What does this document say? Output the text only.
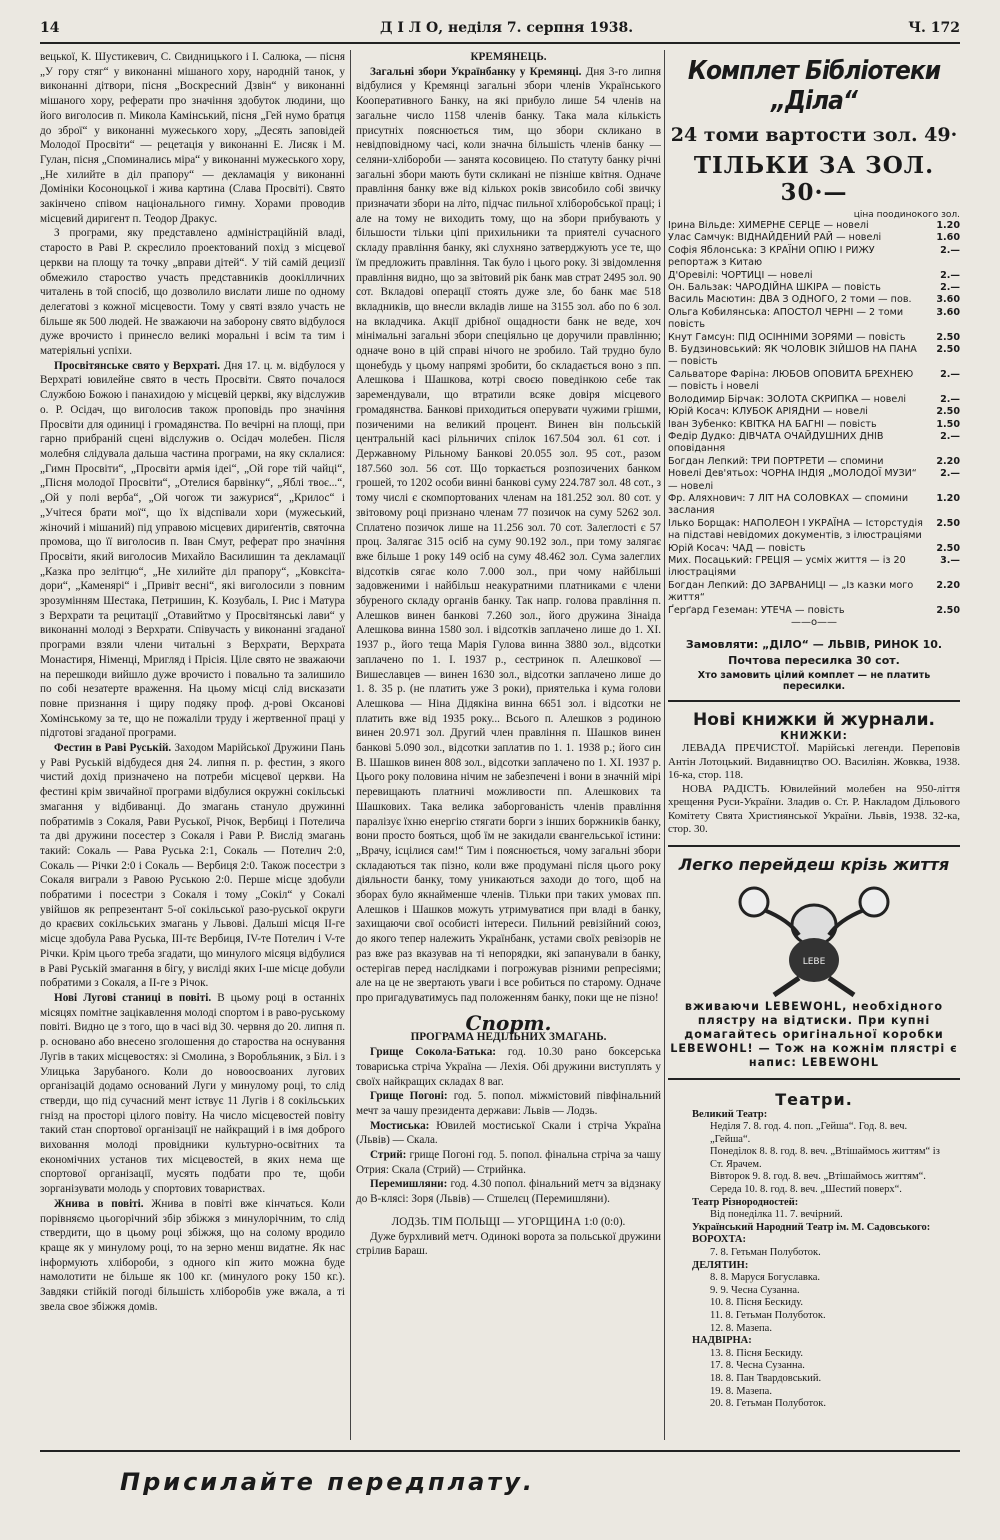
14	Д І Л О, неділя 7. серпня 1938.	Ч. 172

вецької, К. Шустикевич, С. Свидницького і І. Салюка, — пісня „У гору стяг“ у виконанні мішаного хору, народній танок, у виконанні дітвори, пісня „Воскресний Дзвін“ у виконанні мішаного хору, реферати про значіння здобуток людини, що його виголосив п. Микола Камінський, пісня „Гей нумо братця до зброї“ у виконанні мужеського хору, „Десять заповідей Молодої Просвіти“ — рецетація у виконанні Е. Лисяк і М. Гулан, пісня „Споминались міра“ у виконанні мужеського хору, „Не хилийте в діл прапору“ — декламація у виконанні Домініки Косоноцької і жива картина (Слава Просвіті). Свято закінчено співом національного гимну. Хорами проводив місцевий диригент п. Теодор Дракус.

З програми, яку представлено адміністраційній владі, старосто в Раві Р. скреслило проектований похід з місцевої церкви на площу та точку „вправи дітей“. У тій самій децизії обмежило староство участь представників доокілличних читалень в той спосіб, що дозволило вислати лише по одному делегатові з кожної місцевости. Тому у святі взяло участь не більше як 500 людей. Не зважаючи на заборону свято відбулося дуже врочисто і принесло великі моральні і всім та тим і матеріяльні успіхи.

Просвітянське свято у Верхраті. Дня 17. ц. м. відбулося у Верхраті ювилейне свято в честь Просвіти. Свято почалося Службою Божою і панахидою у місцевій церкві, яку відслужив о. Р. Осідач, що виголосив також проповідь про значіння Просвіти для одиниці і громадянства. По вечірні на площі, при гарно прибраній сцені відслужив о. Осідач молебен. Після молебня слідувала дальша частина програми, на яку склалися: „Гимн Просвіти“, „Просвіти армія ідеі“, „Ой горе тій чайці“, „Пісня молодої Просвіти“, „Отелися барвінку“, „Яблі твоє...“, „Ой у полі верба“, „Ой чогож ти зажурися“, „Крилос“ і „Учітеся брати мої“, що їх відспівали хори (мужеський, жіночий і мішаний) під управою місцевих дириґентів, святочна промова, що її виголосив п. Іван Смут, реферат про значіння Просвіти, який виголосив Михайло Василишин та декламації „Казка про зелітцю“, „Не хилийте діл прапору“, „Ковксіта-дори“, „Каменярі“ і „Привіт весні“, які виголосили з повним зрозумінням Шестака, Петришин, К. Козубаль, І. Рис і Матура з Верхрати та рецитації „Отавийтмо у Просвітянські лави“ у виконанні молоді з Верхрати. Співучасть у виконанні згаданої програми взяли члени читальні з Верхрати, Верхрата Монастиря, Німенці, Мригляд і Прісія. Ціле свято не зважаючи на перешкоди вийшло дуже врочисто і повально та залишило по собі незатерте враження. На цьому місці слід висказати повне признання і щиру подяку проф. д-рові Оксанові Хомінському за те, що не пожаліли труду і жертвенної праці у підготові згаданої програми.

Фестин в Раві Руській. Заходом Марійської Дружини Пань у Раві Руській відбудеся дня 24. липня п. р. фестин, з якого чистий дохід призначено на потреби місцевої церкви. На фестині крім звичайної програми відбулися окружні сокільські змагання у відбиванці. До змагань стануло дружинні побратимів з Сокаля, Рави Руської, Річок, Вербиці і Потелича та дві дружини посестер з Сокаля і Рави Р. Вислід змагань такий: Сокаль — Рава Руська 2:1, Сокаль — Потелич 2:0, Сокаль — Річки 2:0 і Сокаль — Вербиця 2:0. Також посестри з Сокаля виграли з Равою Руською 2:0. Перше місце здобули побратими і посестри з Сокаля і тому „Сокіл“ у Сокалі увійшов як репрезентант 5-ої сокільської разо-руської округи до краєвих сокільських змагань у Львові. Дальші місця ІІ-ге місце здобула Рава Руська, ІІІ-тє Вербиця, IV-те Потелич і V-те Річки. Крім цього треба згадати, що минулого місяця відбулися в Раві Руській змагання в бігу, у висліді яких І-ше місце добули побратими з Сокаля, а ІІ-ге з Річок.

Нові Лугові станиці в повіті. В цьому році в останніх місяцях помітне зацікавлення молоді спортом і в раво-руському повіті. Видно це з того, що в часі від 30. червня до 20. липня п. р. основано або внесено зголошення до староства на оснування Лугів в таких місцевостях: зі Смолина, з Воробльяник, з Біл. і з Улицька Зарубаного. Коли до новоосвоаних лугових організацій додамо оснований Луги у минулому році, то слід стверди, що під сучасний мент іствує 11 Лугів і 8 сокільських гнізд на просторі цілого повіту. На число місцевостей повіту такий стан спортової організації не найкращий і в імя доброго виховання молоді провідники культурно-освітних та економічних установ тих місцевостей, в яких нема ще спортової організації, мусять подбати про те, щоби зорганізувати молодь у спортових товариствах.

Жнива в повіті. Жнива в повіті вже кінчаться. Коли порівняємо цьогорічний збір збіжжя з минулорічним, то слід ствердити, що в цьому році збіжжя, що на солому вродило краще як у минулому році, то на зерно менш видатне. Як нас інформують хлібороби, з одного кіп жито можна буде намолотити не більше як 100 кг. (минулого року 150 кг.). Завдяки стійкій погоді більшість хліборобів уже вжала, а ті звела свое збіжжя домів.

КРЕМЯНЕЦЬ.

Загальні збори Українбанку у Кремянці. Дня 3-го липня відбулися у Кремянці загальні збори членів Українського Кооперативного Банку, на які прибуло лише 54 членів на загальне число 1158 членів банку. Така мала кількість присутніх пояснюється тим, що збори скликано в невідповідному часі, коли значна більшість членів банку — селяни-хлібороби — занята косовицею. По статуту банку річні загальні збори мають бути скликані не пізніше квітня. Одначе правління банку вже від кількох років звисобило собі звичку призначати збори на літо, підчас пильної хліборобської праці; і але на тому не виходить тому, що на збори прибувають у більшости тільки ціпі прихильники та приятелі сучасного складу правління банку, які слухняно затверджують усе те, що їм предложить правління. Так було і цього року. Зі звідомлення правління видно, що за звітовий рік банк мав страт 2495 зол. 90 сот. Вкладові операції стоять дуже зле, бо банк має 518 вкладників, що внесли вкладів лише на 3155 зол. або по 6 зол. на вкладчика. Акції дрібної ощадности банк не веде, хоч мінімальні загальні збори спеціяльно це доручили правлінню; одначе воно в цій справі нічого не зробило. Тай трудно було щонебудь у цьому напрямі зробити, бо складається воно з пп. Алешкова і Шашкова, котрі своєю поведінкою себе так заремендували, що втратили всяке довіря місцевого громадянства. Банкові приходиться оперувати чужими грішми, позиченими на великий процент. Винен він польській центральній касі рільничих спілок 167.504 зол. 61 сот. і Державному Рільному Банкові 20.055 зол. 95 сот., разом 187.560 зол. 56 сот. Що торкається розпозичених банком грошей, то 1202 особи винні банкові суму 224.787 зол. 48 сот., з тому числі є скомпортованих членам на 181.252 зол. 80 сот. у звітовому році признано членам 77 позичок на суму 5262 зол. Сплатено позичок лише на 11.256 зол. 70 сот. Залеглості є 57 проц. Залягає 315 осіб на суму 90.192 зол., при тому залягає вже більше 1 року 149 осіб на суму 48.462 зол. Сума залеглих відсотків сягає коло 7.000 зол., при чому найбільші задовженими і найбільш неакуратними платниками є члени збуреного складу органів банку. Так напр. голова правління п. Алешков винен банкові 7.260 зол., його дружина Зінаіда Алешкова винна 1580 зол. і відсотків заплачено лише до 1. ХІ. 1937 р., його теща Марія Гулова винна 3880 зол., відсотки заплачено по 1. І. 1937 р., сестринок п. Алешкової — Вишеславцев — винен 1630 зол., відсотки заплачено лише до 1. 8. 35 р. (не платить уже 3 роки), приятелька і кума голови Алешкова — Ніна Дідякіна винна 6651 зол. і відсотки не платить вже від 1935 року... Всього п. Алешков з родиною винен 20.971 зол. Другий член правління п. Шашков винен банкові 5.090 зол., відсотки заплатив по 1. 1. 1938 р.; його син В. Шашков винен 808 зол., відсотки заплачено по 1. ХІ. 1937 р. Цього року половина нічим не забезпечені і вони в значній мірі перевищають платничі можливости пп. Алешкових та Шашкових. Така велика заборгованість членів правління паралізує їхню енергію стягати борги з інших боржників банку, вони просто бояться, щоб їм не закидали євангельської істини: „Врачу, ісцілися сам!“ Тим і пояснюється, чому загальні збори складаються так пізно, коли вже продумані після цього року діяльности банку, тому уникаються заходи до того, щоб на зборах було якнайменше членів. Тільки при таких умовах пп. Алешков і Шашков можуть утримуватися при владі в банку, захищаючи свої особисті інтереси. Пильний ревізійний союз, до якого тепер належить Українбанк, устами своїх ревізорів не раз вже раз вказував на ті непорядки, які запанували в банку, остерігав перед наслідками і погрожував різними репресіями; але на це не звертають уваги і все робиться по старому. Одначе про пригадуватимусь пад положенням банку, поки ще не пізно!

Спорт.

ПРОГРАМА НЕДІЛЬНИХ ЗМАГАНЬ.

Грище Сокола-Батька: год. 10.30 рано боксерська товариська стріча Україна — Лехія. Обі дружини виступлять у своїх найкращих складах 8 ваг.

Грище Погоні: год. 5. попол. міжмістовий півфінальний мечт за чашу президента держави: Львів — Лодзь.

Мостиська: Ювилей мостиської Скали і стріча Україна (Львів) — Скала.

Стрий: грище Погоні год. 5. попол. фінальна стріча за чашу Отрия: Скала (Стрий) — Стрийнка.

Перемишляни: год. 4.30 попол. фінальний метч за відзнаку до В-клясі: Зоря (Львів) — Стшелєц (Перемишляни).

ЛОДЗЬ. ТІМ ПОЛЬЩІ — УГОРЩИНА 1:0 (0:0).

Дуже бурхливий метч. Одинокі ворота за польської дружини стрілив Бараш.

Комплет Бібліотеки „Діла“
24 томи вартости зол. 49·
ТІЛЬКИ ЗА ЗОЛ. 30·—
ціна поодинокого зол.
Ірина Вільде: ХИМЕРНЕ СЕРЦЕ — новелі	1.20
Улас Самчук: ВІДНАЙДЕНИЙ РАЙ — новелі	1.60
Софія Яблонська: З КРАЇНИ ОПІЮ І РИЖУ репортаж з Китаю
2.—
Д'Оревілі: ЧОРТИЦІ — новелі	2.—
Он. Бальзак: ЧАРОДІЙНА ШКІРА — повість	2.—
Василь Масютин: ДВА З ОДНОГО, 2 томи — пов.	3.60
Ольга Кобилянська: АПОСТОЛ ЧЕРНІ — 2 томи повість
3.60
Кнут Гамсун: ПІД ОСІННІМИ ЗОРЯМИ — повість	2.50
В. Будзиновський: ЯК ЧОЛОВІК ЗІЙШОВ НА ПАНА — повість
2.50
Сальваторе Фаріна: ЛЮБОВ ОПОВИТА БРЕХНЕЮ — повість і новелі
2.—
Володимир Бірчак: ЗОЛОТА СКРИПКА — новелі	2.—
Юрій Косач: КЛУБОК АРІЯДНИ — новелі	2.50
Іван Зубенко: КВІТКА НА БАГНІ — повість	1.50
Федір Дудко: ДІВЧАТА ОЧАЙДУШНИХ ДНІВ оповідання
2.—
Богдан Лепкий: ТРИ ПОРТРЕТИ — спомини	2.20
Новелі Дев'ятьох: ЧОРНА ІНДІЯ „МОЛОДОЇ МУЗИ“ — новелі
2.—
Фр. Аляхнович: 7 ЛІТ НА СОЛОВКАХ — спомини заслания
1.20
Ількo Борщак: НАПОЛЕОН І УКРАЇНА — Історстудія на підставі невідомих документів, з ілюстраціями
2.50
Юрій Косач: ЧАД — повість	2.50
Мих. Посацький: ГРЕЦІЯ — усміх життя — із 20 ілюстраціями
3.—
Богдан Лепкий: ДО ЗАРВАНИЦІ — „Із казки мого життя“
2.20
Ґерґард Геземан: УТЕЧА — повість	2.50
——o——
Замовляти: „ДІЛО“ — ЛЬВІВ, РИНОК 10.
Почтова пересилка 30 сот.
Хто замовить цілий комплет — не платить пересилки.
Нові книжки й журнали.
КНИЖКИ:

ЛЕВАДА ПРЕЧИСТОЇ. Марійські легенди. Переповів Антін Лотоцький. Видавництво ОО. Василіян. Жовква, 1938. 16-ка, стор. 118.

НОВА РАДІСТЬ. Ювилейний молебен на 950-ліття хрещення Руси-України. Зладив о. Ст. Р. Накладом Дільового Комітету Свята Християнської України. Львів, 1938. 32-ка, стор. 30.

Легко перейдеш крізь життя
LEBE
вживаючи LEBEWOHL, необхідного плястру на відтиски. При купні домагайтесь оригінальної коробки LEBEWOHL! — Тож на кожнім плястрі є напис: LEBEWOHL
Театри.
Великий Театр:
Неділя 7. 8. год. 4. поп. „Гейша“. Год. 8. веч. „Гейша“.
Понеділок 8. 8. год. 8. веч. „Втішаймось життям“ із Ст. Ярачем.
Вівторок 9. 8. год. 8. веч. „Втішаймось життям“.
Середа 10. 8. год. 8. веч. „Шестий поверх“.
Театр Різнородностей:
Від понеділка 11. 7. вечірний.
Український Народний Театр ім. М. Садовського:
ВОРОХТА:
7. 8. Гетьман Полуботок.
ДЕЛЯТИН:
8. 8. Маруся Богуславка.
9. 9. Чесна Сузанна.
10. 8. Пісня Бескиду.
11. 8. Гетьман Полуботок.
12. 8. Мазепа.
НАДВІРНА:
13. 8. Пісня Бескиду.
17. 8. Чесна Сузанна.
18. 8. Пан Твардовський.
19. 8. Мазепа.
20. 8. Гетьман Полуботок.
Присилайте передплату.
